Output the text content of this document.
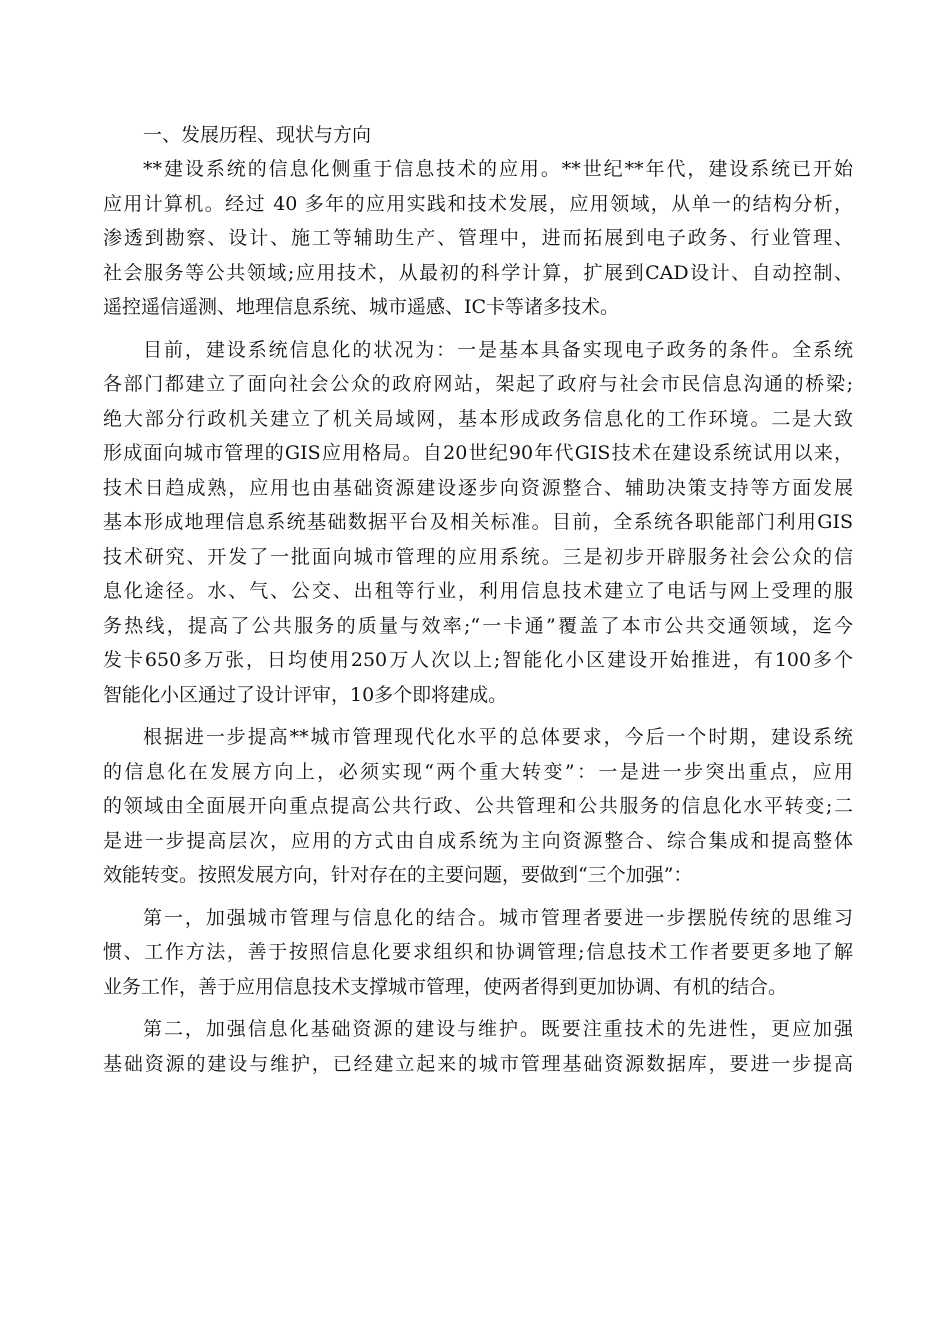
一、发展历程、现状与方向
**建设系统的信息化侧重于信息技术的应用。**世纪**年代，建设系统已开始
应用计算机。经过 40 多年的应用实践和技术发展，应用领域，从单一的结构分析，
渗透到勘察、设计、施工等辅助生产、管理中，进而拓展到电子政务、行业管理、
社会服务等公共领域;应用技术，从最初的科学计算，扩展到CAD设计、自动控制、
遥控遥信遥测、地理信息系统、城市遥感、IC卡等诸多技术。
目前，建设系统信息化的状况为：一是基本具备实现电子政务的条件。全系统
各部门都建立了面向社会公众的政府网站，架起了政府与社会市民信息沟通的桥梁;
绝大部分行政机关建立了机关局域网，基本形成政务信息化的工作环境。二是大致
形成面向城市管理的GIS应用格局。自20世纪90年代GIS技术在建设系统试用以来，
技术日趋成熟，应用也由基础资源建设逐步向资源整合、辅助决策支持等方面发展
基本形成地理信息系统基础数据平台及相关标准。目前，全系统各职能部门利用GIS
技术研究、开发了一批面向城市管理的应用系统。三是初步开辟服务社会公众的信
息化途径。水、气、公交、出租等行业，利用信息技术建立了电话与网上受理的服
务热线，提高了公共服务的质量与效率;“一卡通”覆盖了本市公共交通领域，迄今
发卡650多万张，日均使用250万人次以上;智能化小区建设开始推进，有100多个
智能化小区通过了设计评审，10多个即将建成。
根据进一步提高**城市管理现代化水平的总体要求，今后一个时期，建设系统
的信息化在发展方向上，必须实现“两个重大转变”：一是进一步突出重点，应用
的领域由全面展开向重点提高公共行政、公共管理和公共服务的信息化水平转变;二
是进一步提高层次，应用的方式由自成系统为主向资源整合、综合集成和提高整体
效能转变。按照发展方向，针对存在的主要问题，要做到“三个加强”：
第一，加强城市管理与信息化的结合。城市管理者要进一步摆脱传统的思维习
惯、工作方法，善于按照信息化要求组织和协调管理;信息技术工作者要更多地了解
业务工作，善于应用信息技术支撑城市管理，使两者得到更加协调、有机的结合。
第二，加强信息化基础资源的建设与维护。既要注重技术的先进性，更应加强
基础资源的建设与维护，已经建立起来的城市管理基础资源数据库，要进一步提高
